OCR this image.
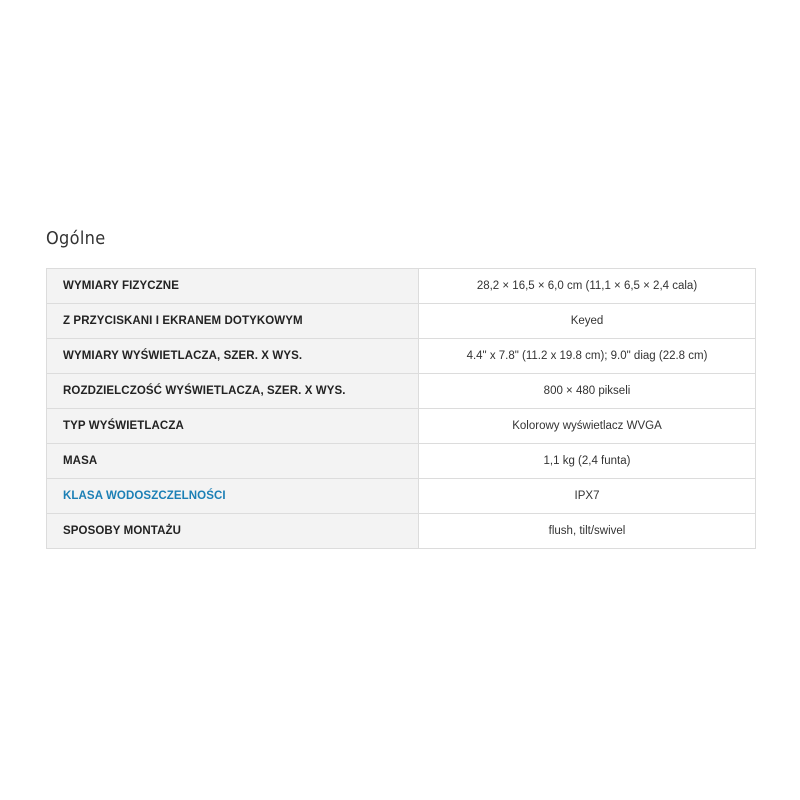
Ogólne
WYMIARY FIZYCZNE	28,2 × 16,5 × 6,0 cm (11,1 × 6,5 × 2,4 cala)
Z PRZYCISKANI I EKRANEM DOTYKOWYM	Keyed
WYMIARY WYŚWIETLACZA, SZER. X WYS.	4.4" x 7.8" (11.2 x 19.8 cm); 9.0" diag (22.8 cm)
ROZDZIELCZOŚĆ WYŚWIETLACZA, SZER. X WYS.	800 × 480 pikseli
TYP WYŚWIETLACZA	Kolorowy wyświetlacz WVGA
MASA	1,1 kg (2,4 funta)
KLASA WODOSZCZELNOŚCI	IPX7
SPOSOBY MONTAŻU	flush, tilt/swivel
